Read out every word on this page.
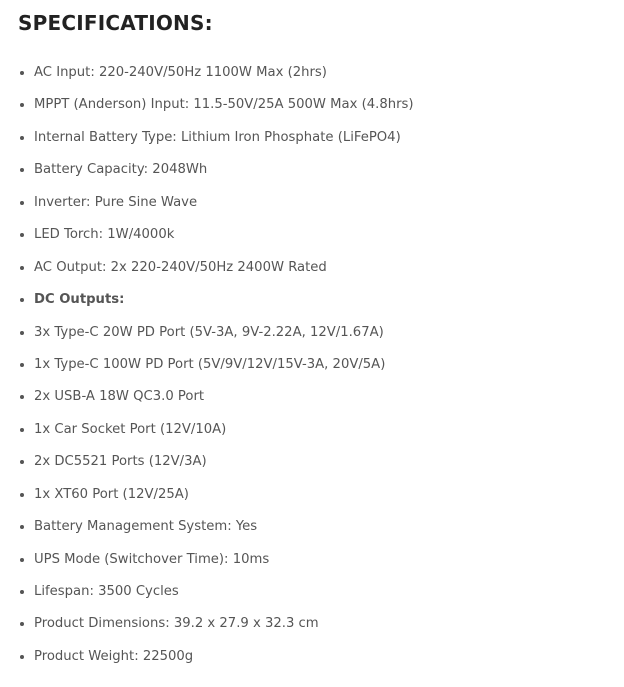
SPECIFICATIONS:
AC Input: 220-240V/50Hz 1100W Max (2hrs)
MPPT (Anderson) Input: 11.5-50V/25A 500W Max (4.8hrs)
Internal Battery Type: Lithium Iron Phosphate (LiFePO4)
Battery Capacity: 2048Wh
Inverter: Pure Sine Wave
LED Torch: 1W/4000k
AC Output: 2x 220-240V/50Hz 2400W Rated
DC Outputs:
3x Type-C 20W PD Port (5V-3A, 9V-2.22A, 12V/1.67A)
1x Type-C 100W PD Port (5V/9V/12V/15V-3A, 20V/5A)
2x USB-A 18W QC3.0 Port
1x Car Socket Port (12V/10A)
2x DC5521 Ports (12V/3A)
1x XT60 Port (12V/25A)
Battery Management System: Yes
UPS Mode (Switchover Time): 10ms
Lifespan: 3500 Cycles
Product Dimensions: 39.2 x 27.9 x 32.3 cm
Product Weight: 22500g
